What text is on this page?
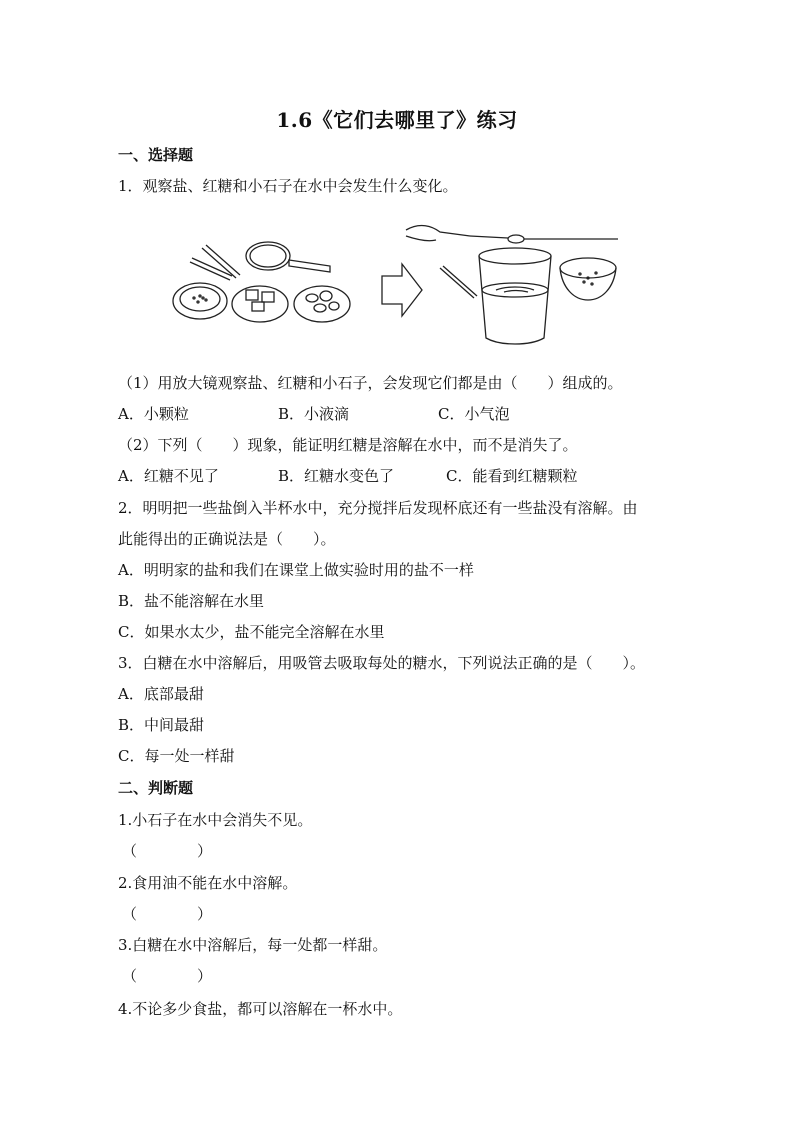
1.6《它们去哪里了》练习
一、选择题
1．观察盐、红糖和小石子在水中会发生什么变化。
（1）用放大镜观察盐、红糖和小石子，会发现它们都是由（　　）组成的。
A．小颗粒	B．小液滴	C．小气泡
（2）下列（　　）现象，能证明红糖是溶解在水中，而不是消失了。
A．红糖不见了	B．红糖水变色了	C．能看到红糖颗粒
2．明明把一些盐倒入半杯水中，充分搅拌后发现杯底还有一些盐没有溶解。由
此能得出的正确说法是（　　）。
A．明明家的盐和我们在课堂上做实验时用的盐不一样
B．盐不能溶解在水里
C．如果水太少，盐不能完全溶解在水里
3．白糖在水中溶解后，用吸管去吸取每处的糖水，下列说法正确的是（　　）。
A．底部最甜
B．中间最甜
C．每一处一样甜
二、判断题
1.小石子在水中会消失不见。
（　　　　）
2.食用油不能在水中溶解。
（　　　　）
3.白糖在水中溶解后，每一处都一样甜。
（　　　　）
4.不论多少食盐，都可以溶解在一杯水中。
